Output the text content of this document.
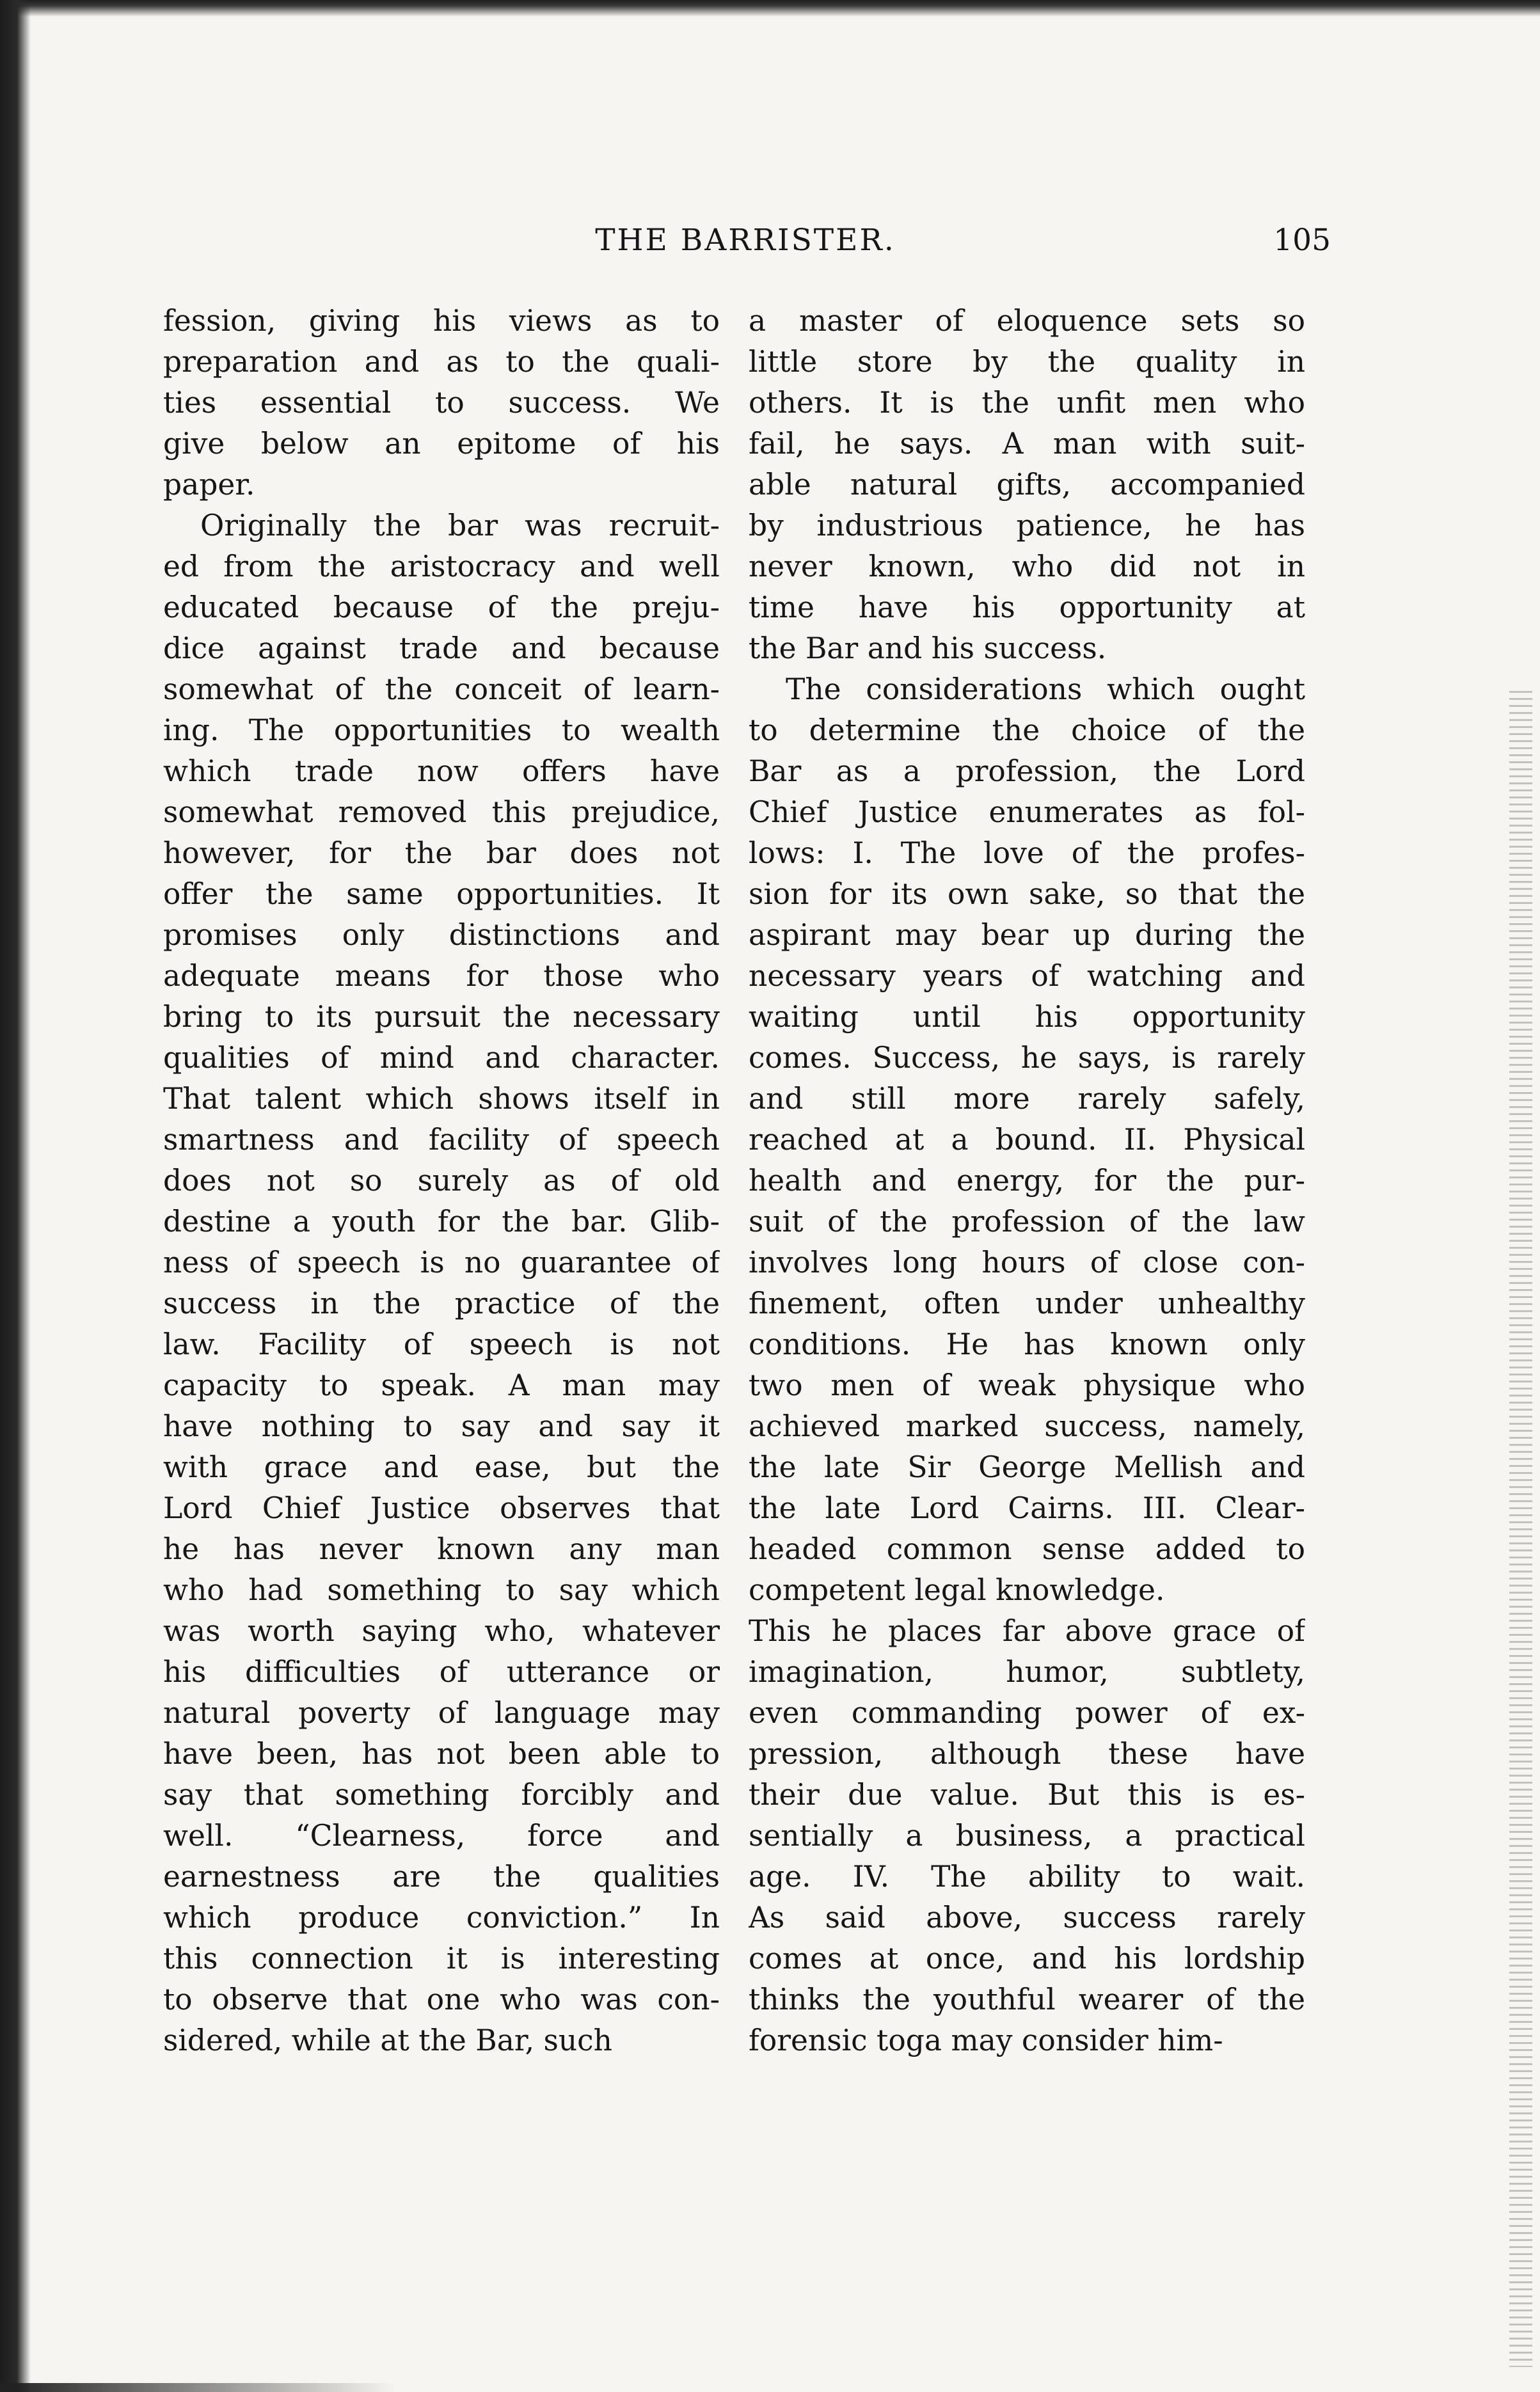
THE BARRISTER.	105
fession, giving his views as to
preparation and as to the quali-
ties essential to success. We
give below an epitome of his
paper.
Originally the bar was recruit-
ed from the aristocracy and well
educated because of the preju-
dice against trade and because
somewhat of the conceit of learn-
ing. The opportunities to wealth
which trade now offers have
somewhat removed this prejudice,
however, for the bar does not
offer the same opportunities. It
promises only distinctions and
adequate means for those who
bring to its pursuit the necessary
qualities of mind and character.
That talent which shows itself in
smartness and facility of speech
does not so surely as of old
destine a youth for the bar. Glib-
ness of speech is no guarantee of
success in the practice of the
law. Facility of speech is not
capacity to speak. A man may
have nothing to say and say it
with grace and ease, but the
Lord Chief Justice observes that
he has never known any man
who had something to say which
was worth saying who, whatever
his difficulties of utterance or
natural poverty of language may
have been, has not been able to
say that something forcibly and
well. “Clearness, force and
earnestness are the qualities
which produce conviction.” In
this connection it is interesting
to observe that one who was con-
sidered, while at the Bar, such
a master of eloquence sets so
little store by the quality in
others. It is the unfit men who
fail, he says. A man with suit-
able natural gifts, accompanied
by industrious patience, he has
never known, who did not in
time have his opportunity at
the Bar and his success.
The considerations which ought
to determine the choice of the
Bar as a profession, the Lord
Chief Justice enumerates as fol-
lows: I. The love of the profes-
sion for its own sake, so that the
aspirant may bear up during the
necessary years of watching and
waiting until his opportunity
comes. Success, he says, is rarely
and still more rarely safely,
reached at a bound. II. Physical
health and energy, for the pur-
suit of the profession of the law
involves long hours of close con-
finement, often under unhealthy
conditions. He has known only
two men of weak physique who
achieved marked success, namely,
the late Sir George Mellish and
the late Lord Cairns. III. Clear-
headed common sense added to
competent legal knowledge.
This he places far above grace of
imagination, humor, subtlety,
even commanding power of ex-
pression, although these have
their due value. But this is es-
sentially a business, a practical
age. IV. The ability to wait.
As said above, success rarely
comes at once, and his lordship
thinks the youthful wearer of the
forensic toga may consider him-
